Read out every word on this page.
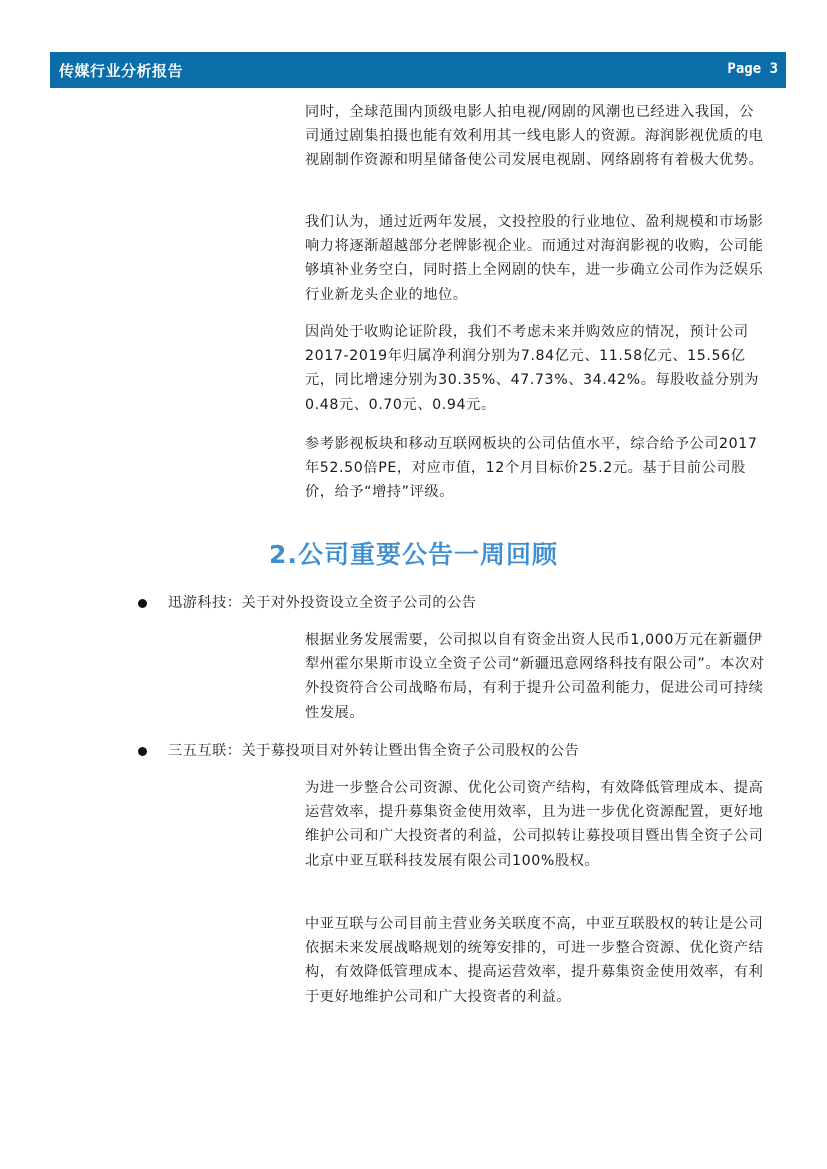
传媒行业分析报告	Page 3

同时，全球范围内顶级电影人拍电视/网剧的风潮也已经进入我国，公司通过剧集拍摄也能有效利用其一线电影人的资源。海润影视优质的电视剧制作资源和明星储备使公司发展电视剧、网络剧将有着极大优势。

我们认为，通过近两年发展，文投控股的行业地位、盈利规模和市场影响力将逐渐超越部分老牌影视企业。而通过对海润影视的收购，公司能够填补业务空白，同时搭上全网剧的快车，进一步确立公司作为泛娱乐行业新龙头企业的地位。

因尚处于收购论证阶段，我们不考虑未来并购效应的情况，预计公司2017-2019年归属净利润分别为7.84亿元、11.58亿元、15.56亿元，同比增速分别为30.35%、47.73%、34.42%。每股收益分别为0.48元、0.70元、0.94元。

参考影视板块和移动互联网板块的公司估值水平，综合给予公司2017年52.50倍PE，对应市值，12个月目标价25.2元。基于目前公司股价，给予“增持”评级。

2.公司重要公告一周回顾
迅游科技：关于对外投资设立全资子公司的公告

根据业务发展需要，公司拟以自有资金出资人民币1,000万元在新疆伊犁州霍尔果斯市设立全资子公司“新疆迅意网络科技有限公司”。本次对外投资符合公司战略布局，有利于提升公司盈利能力，促进公司可持续性发展。

三五互联：关于募投项目对外转让暨出售全资子公司股权的公告

为进一步整合公司资源、优化公司资产结构，有效降低管理成本、提高运营效率，提升募集资金使用效率，且为进一步优化资源配置，更好地维护公司和广大投资者的利益，公司拟转让募投项目暨出售全资子公司北京中亚互联科技发展有限公司100%股权。

中亚互联与公司目前主营业务关联度不高，中亚互联股权的转让是公司依据未来发展战略规划的统筹安排的，可进一步整合资源、优化资产结构，有效降低管理成本、提高运营效率，提升募集资金使用效率，有利于更好地维护公司和广大投资者的利益。
